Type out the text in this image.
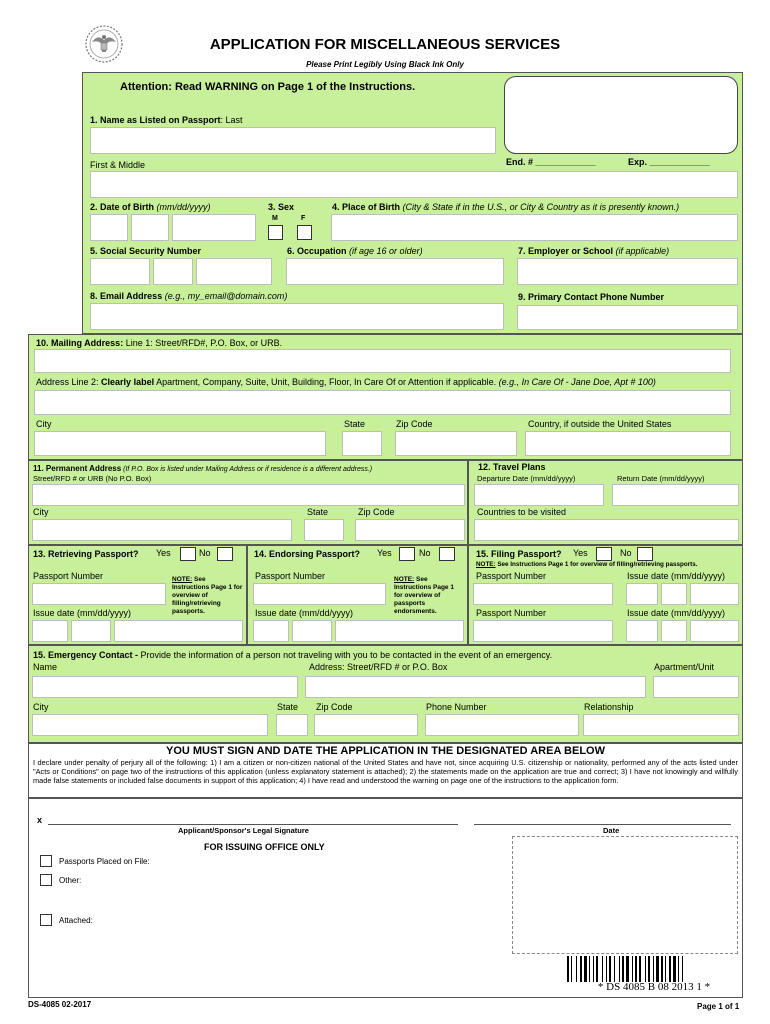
APPLICATION FOR MISCELLANEOUS SERVICES
Please Print Legibly Using Black Ink Only
Attention: Read WARNING on Page 1 of the Instructions.
1. Name as Listed on Passport: Last
First & Middle	End. # ____________	Exp. ____________
2. Date of Birth (mm/dd/yyyy)	3. Sex
M	F
4. Place of Birth (City & State if in the U.S., or City & Country as it is presently known.)
5. Social Security Number	6. Occupation (if age 16 or older)	7. Employer or School (if applicable)
8. Email Address (e.g., my_email@domain.com)	9. Primary Contact Phone Number
10. Mailing Address: Line 1: Street/RFD#, P.O. Box, or URB.
Address Line 2: Clearly label Apartment, Company, Suite, Unit, Building, Floor, In Care Of or Attention if applicable. (e.g., In Care Of - Jane Doe, Apt # 100)
City	State	Zip Code	Country, if outside the United States
11. Permanent Address (If P.O. Box is listed under Mailing Address or if residence is a different address.)
Street/RFD # or URB (No P.O. Box)
City	State	Zip Code
12. Travel Plans
Departure Date (mm/dd/yyyy)	Return Date (mm/dd/yyyy)
Countries to be visited
13. Retrieving Passport? Yes	No
Passport Number	NOTE: See Instructions Page 1 for overview of filling/retrieving passports.
Issue date (mm/dd/yyyy)
14. Endorsing Passport? Yes	No
Passport Number	NOTE: See Instructions Page 1 for overview of passports endorsments.
Issue date (mm/dd/yyyy)
15. Filing Passport? Yes	No
NOTE: See Instructions Page 1 for overview of filling/retrieving passports.
Passport Number	Issue date (mm/dd/yyyy)
Passport Number	Issue date (mm/dd/yyyy)
15. Emergency Contact - Provide the information of a person not traveling with you to be contacted in the event of an emergency.
Name	Address: Street/RFD # or P.O. Box	Apartment/Unit
City	State Zip Code	Phone Number	Relationship
YOU MUST SIGN AND DATE THE APPLICATION IN THE DESIGNATED AREA BELOW
I declare under penalty of perjury all of the following: 1) I am a citizen or non-citizen national of the United States and have not, since acquiring U.S. citizenship or nationality, performed any of the acts listed under "Acts or Conditions" on page two of the instructions of this application (unless explanatory statement is attached); 2) the statements made on the application are true and correct; 3) I have not knowingly and willfully made false statements or included false documents in support of this application; 4) I have read and understood the warning on page one of the instructions to the application form.
x
Applicant/Sponsor's Legal Signature	Date
FOR ISSUING OFFICE ONLY
Passports Placed on File:
Other:
Attached:
* DS 4085 B 08 2013 1 *
DS-4085 02-2017	Page 1 of 1
